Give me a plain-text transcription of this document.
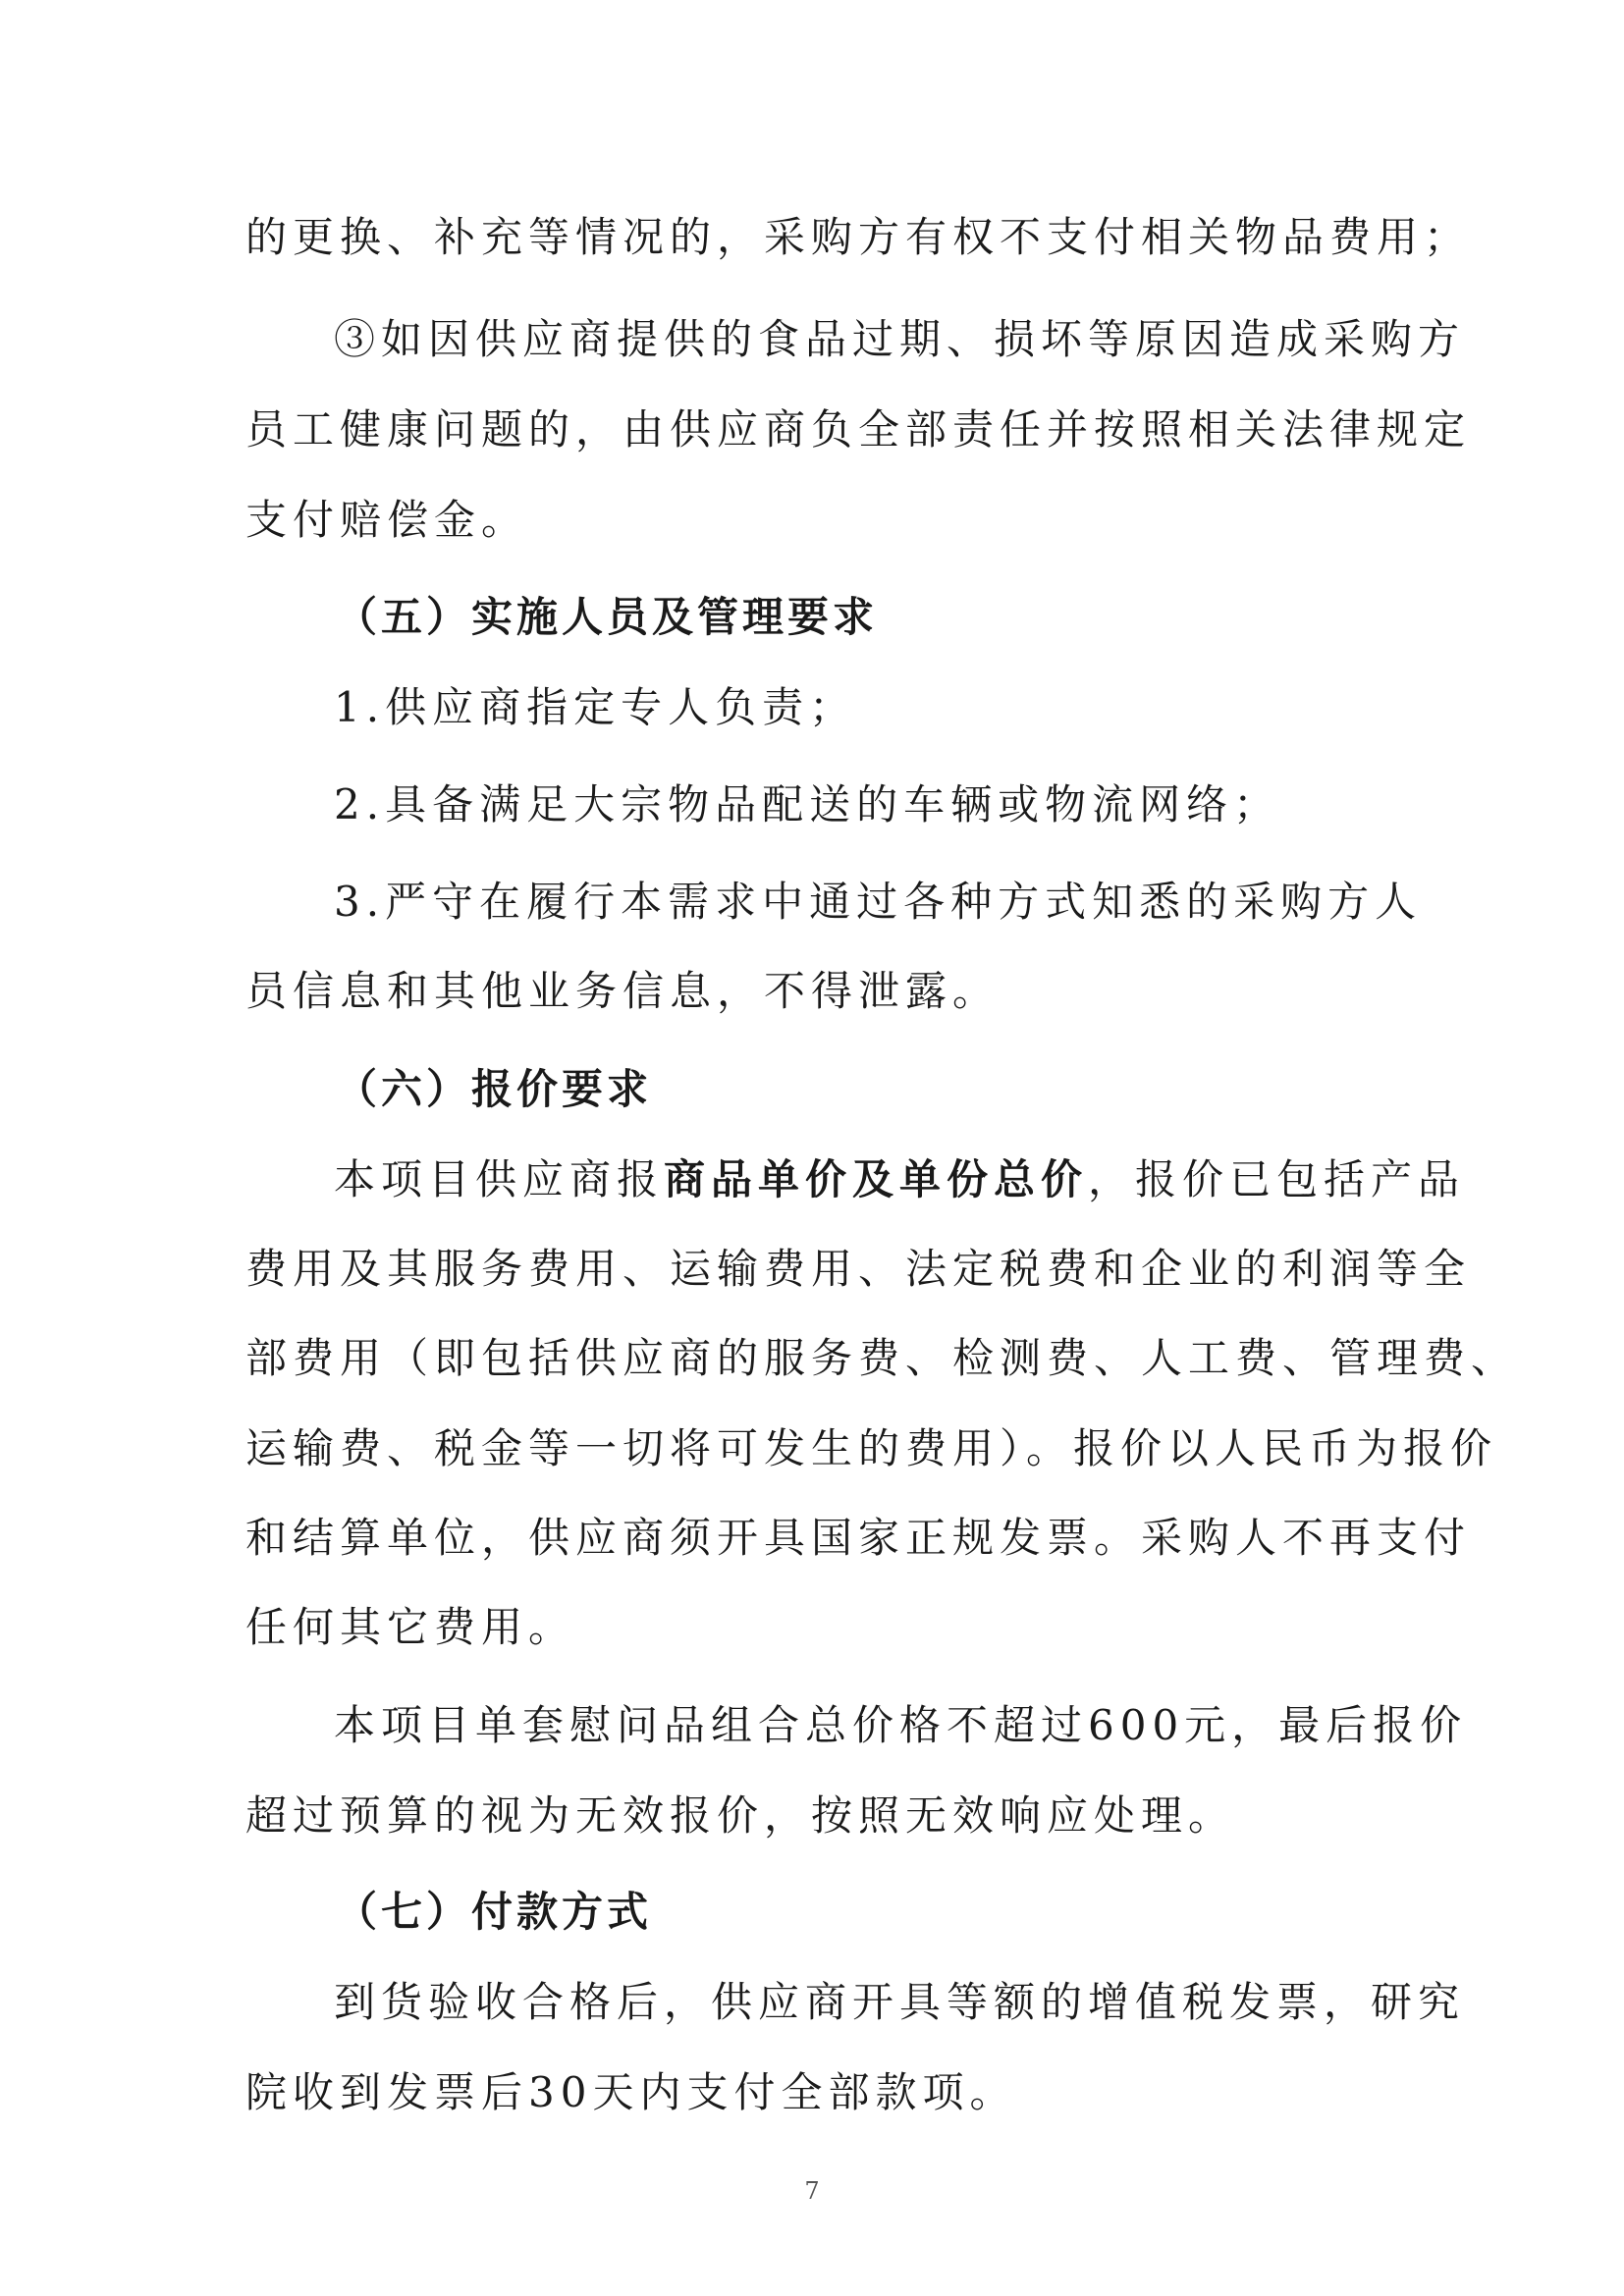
的更换、补充等情况的，采购方有权不支付相关物品费用；

③如因供应商提供的食品过期、损坏等原因造成采购方

员工健康问题的，由供应商负全部责任并按照相关法律规定

支付赔偿金。

（五）实施人员及管理要求

1.供应商指定专人负责；

2.具备满足大宗物品配送的车辆或物流网络；

3.严守在履行本需求中通过各种方式知悉的采购方人

员信息和其他业务信息，不得泄露。

（六）报价要求

本项目供应商报商品单价及单份总价，报价已包括产品

费用及其服务费用、运输费用、法定税费和企业的利润等全

部费用（即包括供应商的服务费、检测费、人工费、管理费、

运输费、税金等一切将可发生的费用）。报价以人民币为报价

和结算单位，供应商须开具国家正规发票。采购人不再支付

任何其它费用。

本项目单套慰问品组合总价格不超过600元，最后报价

超过预算的视为无效报价，按照无效响应处理。

（七）付款方式

到货验收合格后，供应商开具等额的增值税发票，研究

院收到发票后30天内支付全部款项。

7
